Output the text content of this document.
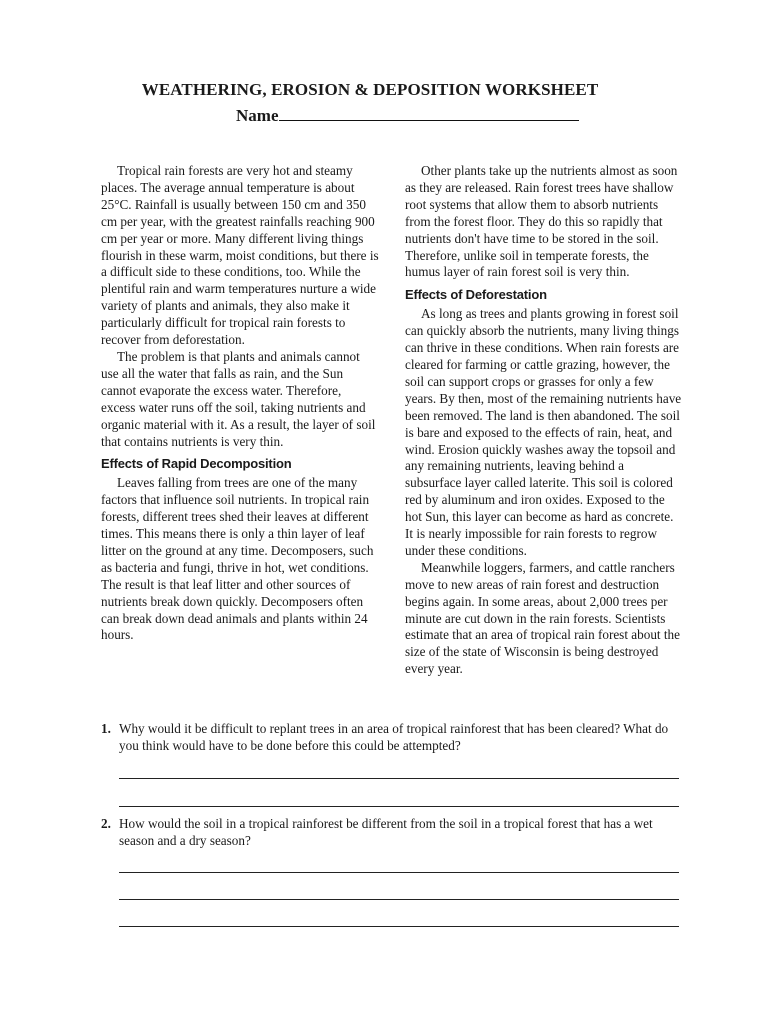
WEATHERING, EROSION & DEPOSITION WORKSHEET
Name

Tropical rain forests are very hot and steamy places. The average annual temperature is about 25°C. Rainfall is usually between 150 cm and 350 cm per year, with the greatest rainfalls reaching 900 cm per year or more. Many different living things flourish in these warm, moist conditions, but there is a difficult side to these conditions, too. While the plentiful rain and warm temperatures nurture a wide variety of plants and animals, they also make it particularly difficult for tropical rain forests to recover from deforestation.

The problem is that plants and animals cannot use all the water that falls as rain, and the Sun cannot evaporate the excess water. Therefore, excess water runs off the soil, taking nutrients and organic material with it. As a result, the layer of soil that contains nutrients is very thin.

Effects of Rapid Decomposition

Leaves falling from trees are one of the many factors that influence soil nutrients. In tropical rain forests, different trees shed their leaves at different times. This means there is only a thin layer of leaf litter on the ground at any time. Decomposers, such as bacteria and fungi, thrive in hot, wet conditions. The result is that leaf litter and other sources of nutrients break down quickly. Decomposers often can break down dead animals and plants within 24 hours.

Other plants take up the nutrients almost as soon as they are released. Rain forest trees have shallow root systems that allow them to absorb nutrients from the forest floor. They do this so rapidly that nutrients don't have time to be stored in the soil. Therefore, unlike soil in temperate forests, the humus layer of rain forest soil is very thin.

Effects of Deforestation

As long as trees and plants growing in forest soil can quickly absorb the nutrients, many living things can thrive in these conditions. When rain forests are cleared for farming or cattle grazing, however, the soil can support crops or grasses for only a few years. By then, most of the remaining nutrients have been removed. The land is then abandoned. The soil is bare and exposed to the effects of rain, heat, and wind. Erosion quickly washes away the topsoil and any remaining nutrients, leaving behind a subsurface layer called laterite. This soil is colored red by aluminum and iron oxides. Exposed to the hot Sun, this layer can become as hard as concrete. It is nearly impossible for rain forests to regrow under these conditions.

Meanwhile loggers, farmers, and cattle ranchers move to new areas of rain forest and destruction begins again. In some areas, about 2,000 trees per minute are cut down in the rain forests. Scientists estimate that an area of tropical rain forest about the size of the state of Wisconsin is being destroyed every year.

1. Why would it be difficult to replant trees in an area of tropical rainforest that has been cleared? What do you think would have to be done before this could be attempted?
2. How would the soil in a tropical rainforest be different from the soil in a tropical forest that has a wet season and a dry season?
